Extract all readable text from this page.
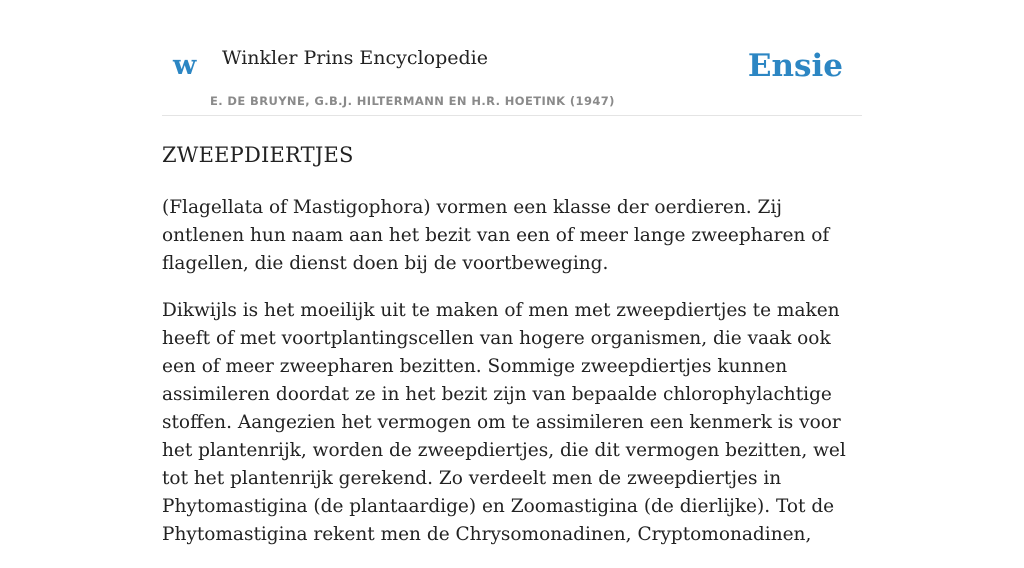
w Winkler Prins Encyclopedie
E. DE BRUYNE, G.B.J. HILTERMANN EN H.R. HOETINK (1947)
Ensie
ZWEEPDIERTJES

(Flagellata of Mastigophora) vormen een klasse der oerdieren. Zij ontlenen hun naam aan het bezit van een of meer lange zweepharen of flagellen, die dienst doen bij de voortbeweging.

Dikwijls is het moeilijk uit te maken of men met zweepdiertjes te maken heeft of met voortplantingscellen van hogere organismen, die vaak ook een of meer zweepharen bezitten. Sommige zweepdiertjes kunnen assimileren doordat ze in het bezit zijn van bepaalde chlorophylachtige stoffen. Aangezien het vermogen om te assimileren een kenmerk is voor het plantenrijk, worden de zweepdiertjes, die dit vermogen bezitten, wel tot het plantenrijk gerekend. Zo verdeelt men de zweepdiertjes in Phytomastigina (de plantaardige) en Zoomastigina (de dierlijke). Tot de Phytomastigina rekent men de Chrysomonadinen, Cryptomonadinen,
